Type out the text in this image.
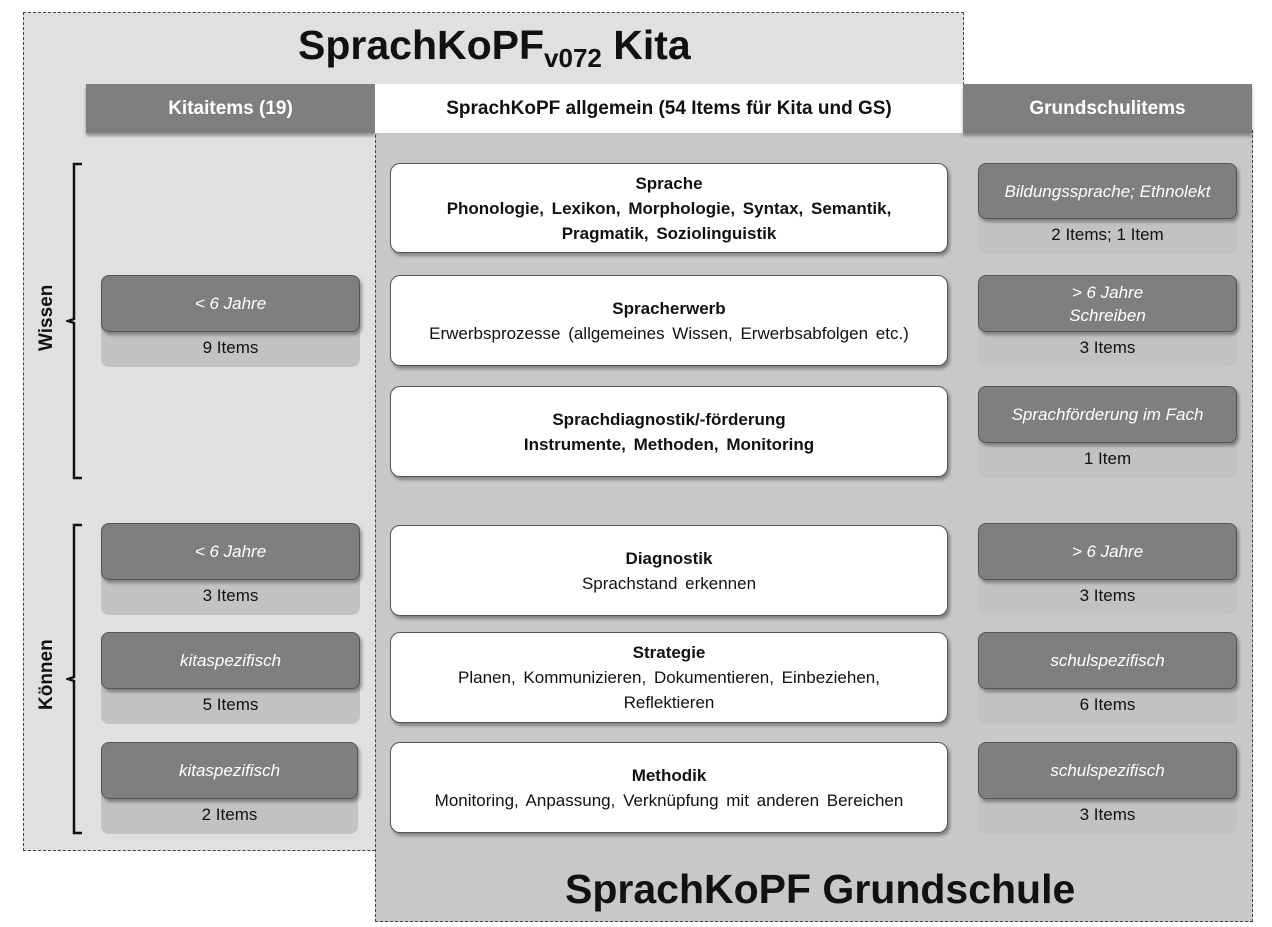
SprachKoPF$_{v072}$ Kita
SprachKoPF Grundschule
Kitaitems (19)	SprachKoPF allgemein (54 Items für Kita und GS)	Grundschulitems
Wissen
Können
Sprache
Phonologie, Lexikon, Morphologie, Syntax, Semantik,
Pragmatik, Soziolinguistik
Spracherwerb
Erwerbsprozesse (allgemeines Wissen, Erwerbsabfolgen etc.)
Sprachdiagnostik/-förderung
Instrumente, Methoden, Monitoring
Diagnostik
Sprachstand erkennen
Strategie
Planen, Kommunizieren, Dokumentieren, Einbeziehen,
Reflektieren
Methodik
Monitoring, Anpassung, Verknüpfung mit anderen Bereichen
< 6 Jahre
9 Items
< 6 Jahre
3 Items
kitaspezifisch
5 Items
kitaspezifisch
2 Items
Bildungssprache; Ethnolekt
2 Items; 1 Item
> 6 Jahre
Schreiben
3 Items
Sprachförderung im Fach
1 Item
> 6 Jahre
3 Items
schulspezifisch
6 Items
schulspezifisch
3 Items
